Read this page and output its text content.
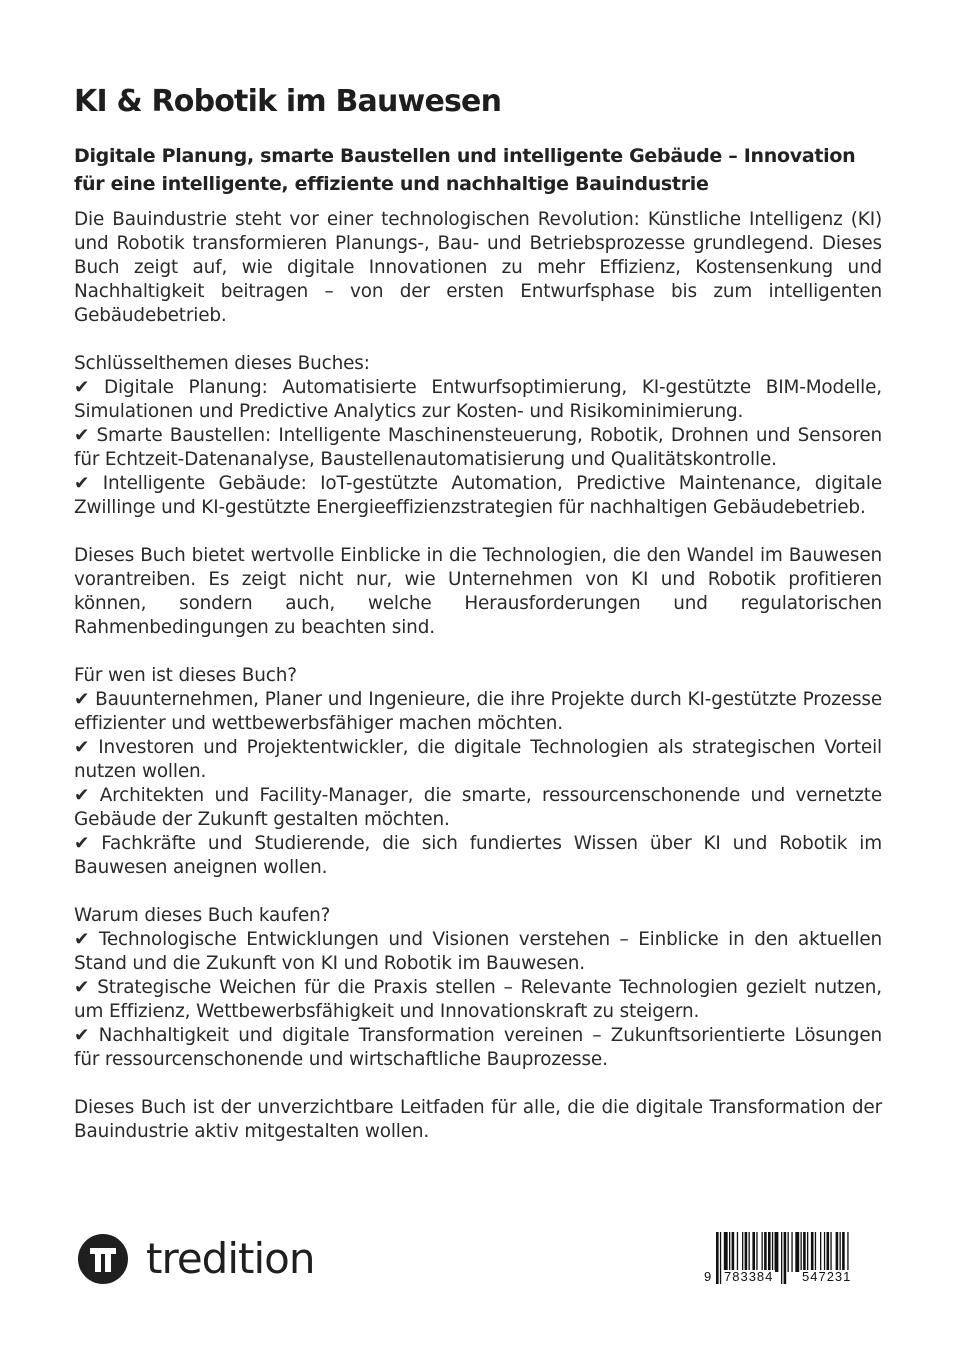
KI & Robotik im Bauwesen
Digitale Planung, smarte Baustellen und intelligente Gebäude – Innovation für eine intelligente, effiziente und nachhaltige Bauindustrie

Die Bauindustrie steht vor einer technologischen Revolution: Künstliche Intelligenz (KI) und Robotik transformieren Planungs-, Bau- und Betriebsprozesse grundlegend. Dieses Buch zeigt auf, wie digitale Innovationen zu mehr Effizienz, Kostensenkung und Nachhaltigkeit beitragen – von der ersten Entwurfsphase bis zum intelligenten Gebäudebetrieb.

Schlüsselthemen dieses Buches:

✔ Digitale Planung: Automatisierte Entwurfsoptimierung, KI-gestützte BIM-Modelle, Simulationen und Predictive Analytics zur Kosten- und Risikominimierung.

✔ Smarte Baustellen: Intelligente Maschinensteuerung, Robotik, Drohnen und Sensoren für Echtzeit-Datenanalyse, Baustellenautomatisierung und Qualitätskontrolle.

✔ Intelligente Gebäude: IoT-gestützte Automation, Predictive Maintenance, digitale Zwillinge und KI-gestützte Energieeffizienzstrategien für nachhaltigen Gebäudebetrieb.

Dieses Buch bietet wertvolle Einblicke in die Technologien, die den Wandel im Bauwesen vorantreiben. Es zeigt nicht nur, wie Unternehmen von KI und Robotik profitieren können, sondern auch, welche Herausforderungen und regulatorischen Rahmenbedingungen zu beachten sind.

Für wen ist dieses Buch?

✔ Bauunternehmen, Planer und Ingenieure, die ihre Projekte durch KI-gestützte Prozesse effizienter und wettbewerbsfähiger machen möchten.

✔ Investoren und Projektentwickler, die digitale Technologien als strategischen Vorteil nutzen wollen.

✔ Architekten und Facility-Manager, die smarte, ressourcenschonende und vernetzte Gebäude der Zukunft gestalten möchten.

✔ Fachkräfte und Studierende, die sich fundiertes Wissen über KI und Robotik im Bauwesen aneignen wollen.

Warum dieses Buch kaufen?

✔ Technologische Entwicklungen und Visionen verstehen – Einblicke in den aktuellen Stand und die Zukunft von KI und Robotik im Bauwesen.

✔ Strategische Weichen für die Praxis stellen – Relevante Technologien gezielt nutzen, um Effizienz, Wettbewerbsfähigkeit und Innovationskraft zu steigern.

✔ Nachhaltigkeit und digitale Transformation vereinen – Zukunftsorientierte Lösungen für ressourcenschonende und wirtschaftliche Bauprozesse.

Dieses Buch ist der unverzichtbare Leitfaden für alle, die die digitale Transformation der Bauindustrie aktiv mitgestalten wollen.

tredition	9 783384 547231
